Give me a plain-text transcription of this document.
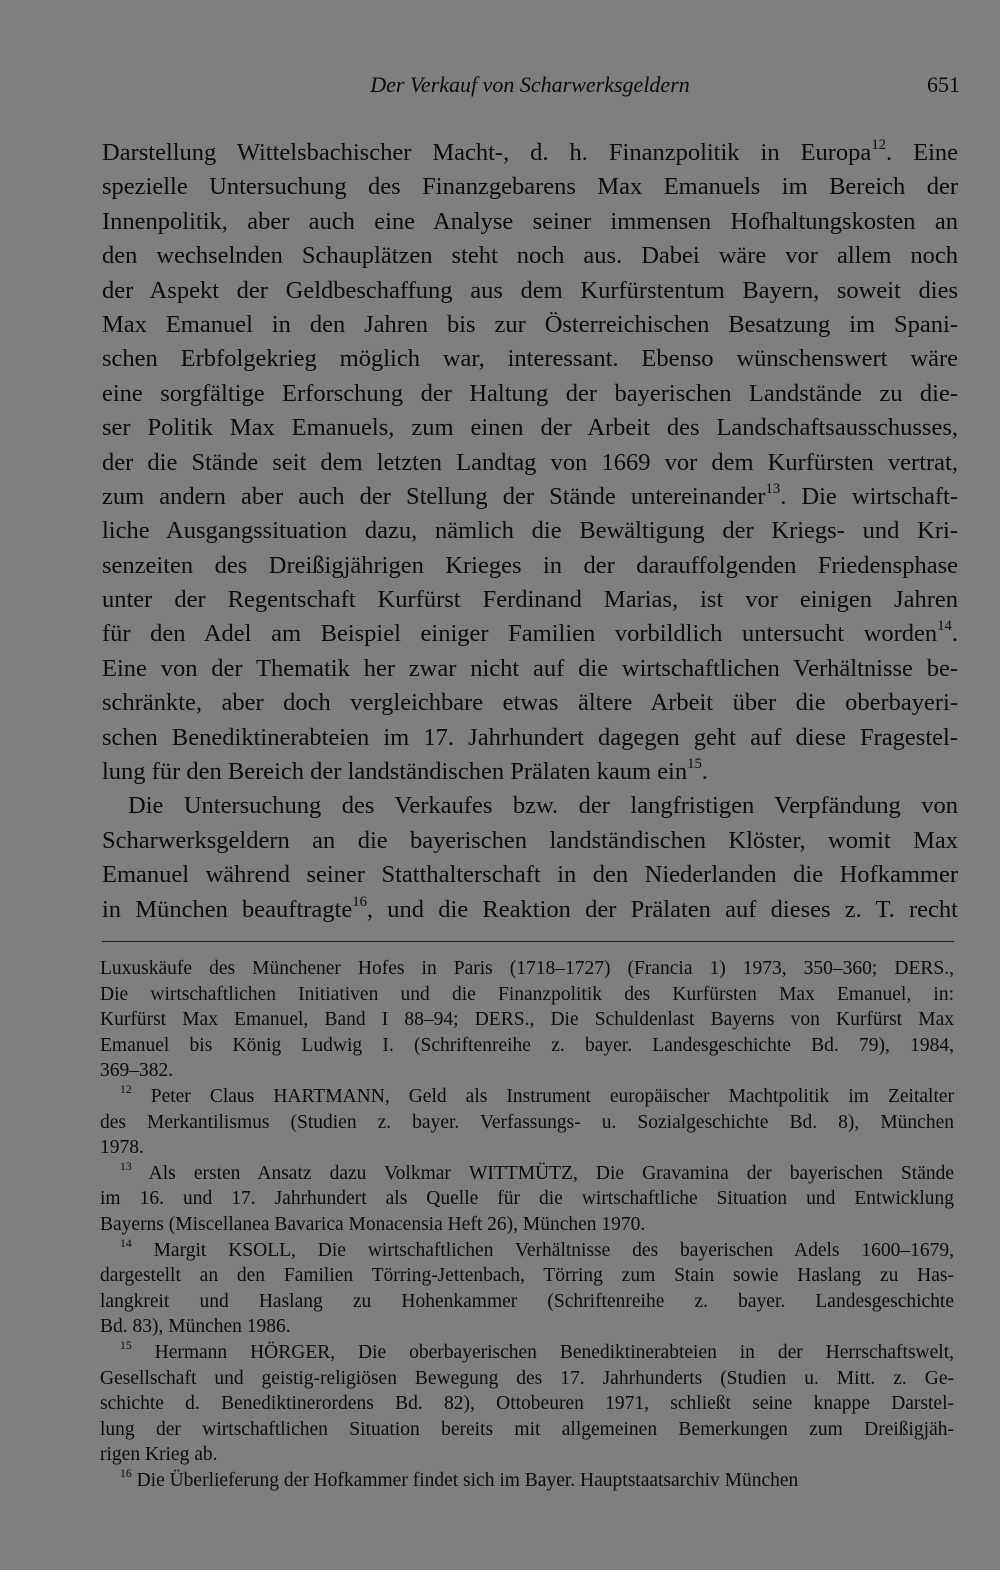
Der Verkauf von Scharwerksgeldern	651
Darstellung Wittelsbachischer Macht-, d. h. Finanzpolitik in Europa$^{12}$. Eine
spezielle Untersuchung des Finanzgebarens Max Emanuels im Bereich der
Innenpolitik, aber auch eine Analyse seiner immensen Hofhaltungskosten an
den wechselnden Schauplätzen steht noch aus. Dabei wäre vor allem noch
der Aspekt der Geldbeschaffung aus dem Kurfürstentum Bayern, soweit dies
Max Emanuel in den Jahren bis zur Österreichischen Besatzung im Spani-
schen Erbfolgekrieg möglich war, interessant. Ebenso wünschenswert wäre
eine sorgfältige Erforschung der Haltung der bayerischen Landstände zu die-
ser Politik Max Emanuels, zum einen der Arbeit des Landschaftsausschusses,
der die Stände seit dem letzten Landtag von 1669 vor dem Kurfürsten vertrat,
zum andern aber auch der Stellung der Stände untereinander$^{13}$. Die wirtschaft-
liche Ausgangssituation dazu, nämlich die Bewältigung der Kriegs- und Kri-
senzeiten des Dreißigjährigen Krieges in der darauffolgenden Friedensphase
unter der Regentschaft Kurfürst Ferdinand Marias, ist vor einigen Jahren
für den Adel am Beispiel einiger Familien vorbildlich untersucht worden$^{14}$.
Eine von der Thematik her zwar nicht auf die wirtschaftlichen Verhältnisse be-
schränkte, aber doch vergleichbare etwas ältere Arbeit über die oberbayeri-
schen Benediktinerabteien im 17. Jahrhundert dagegen geht auf diese Fragestel-
lung für den Bereich der landständischen Prälaten kaum ein$^{15}$.
Die Untersuchung des Verkaufes bzw. der langfristigen Verpfändung von
Scharwerksgeldern an die bayerischen landständischen Klöster, womit Max
Emanuel während seiner Statthalterschaft in den Niederlanden die Hofkammer
in München beauftragte$^{16}$, und die Reaktion der Prälaten auf dieses z. T. recht
Luxuskäufe des Münchener Hofes in Paris (1718–1727) (Francia 1) 1973, 350–360; DERS.,
Die wirtschaftlichen Initiativen und die Finanzpolitik des Kurfürsten Max Emanuel, in:
Kurfürst Max Emanuel, Band I 88–94; DERS., Die Schuldenlast Bayerns von Kurfürst Max
Emanuel bis König Ludwig I. (Schriftenreihe z. bayer. Landesgeschichte Bd. 79), 1984,
369–382.
$^{12}$ Peter Claus HARTMANN, Geld als Instrument europäischer Machtpolitik im Zeitalter
des Merkantilismus (Studien z. bayer. Verfassungs- u. Sozialgeschichte Bd. 8), München
1978.
$^{13}$ Als ersten Ansatz dazu Volkmar WITTMÜTZ, Die Gravamina der bayerischen Stände
im 16. und 17. Jahrhundert als Quelle für die wirtschaftliche Situation und Entwicklung
Bayerns (Miscellanea Bavarica Monacensia Heft 26), München 1970.
$^{14}$ Margit KSOLL, Die wirtschaftlichen Verhältnisse des bayerischen Adels 1600–1679,
dargestellt an den Familien Törring-Jettenbach, Törring zum Stain sowie Haslang zu Has-
langkreit und Haslang zu Hohenkammer (Schriftenreihe z. bayer. Landesgeschichte
Bd. 83), München 1986.
$^{15}$ Hermann HÖRGER, Die oberbayerischen Benediktinerabteien in der Herrschaftswelt,
Gesellschaft und geistig-religiösen Bewegung des 17. Jahrhunderts (Studien u. Mitt. z. Ge-
schichte d. Benediktinerordens Bd. 82), Ottobeuren 1971, schließt seine knappe Darstel-
lung der wirtschaftlichen Situation bereits mit allgemeinen Bemerkungen zum Dreißigjäh-
rigen Krieg ab.
$^{16}$ Die Überlieferung der Hofkammer findet sich im Bayer. Hauptstaatsarchiv München
